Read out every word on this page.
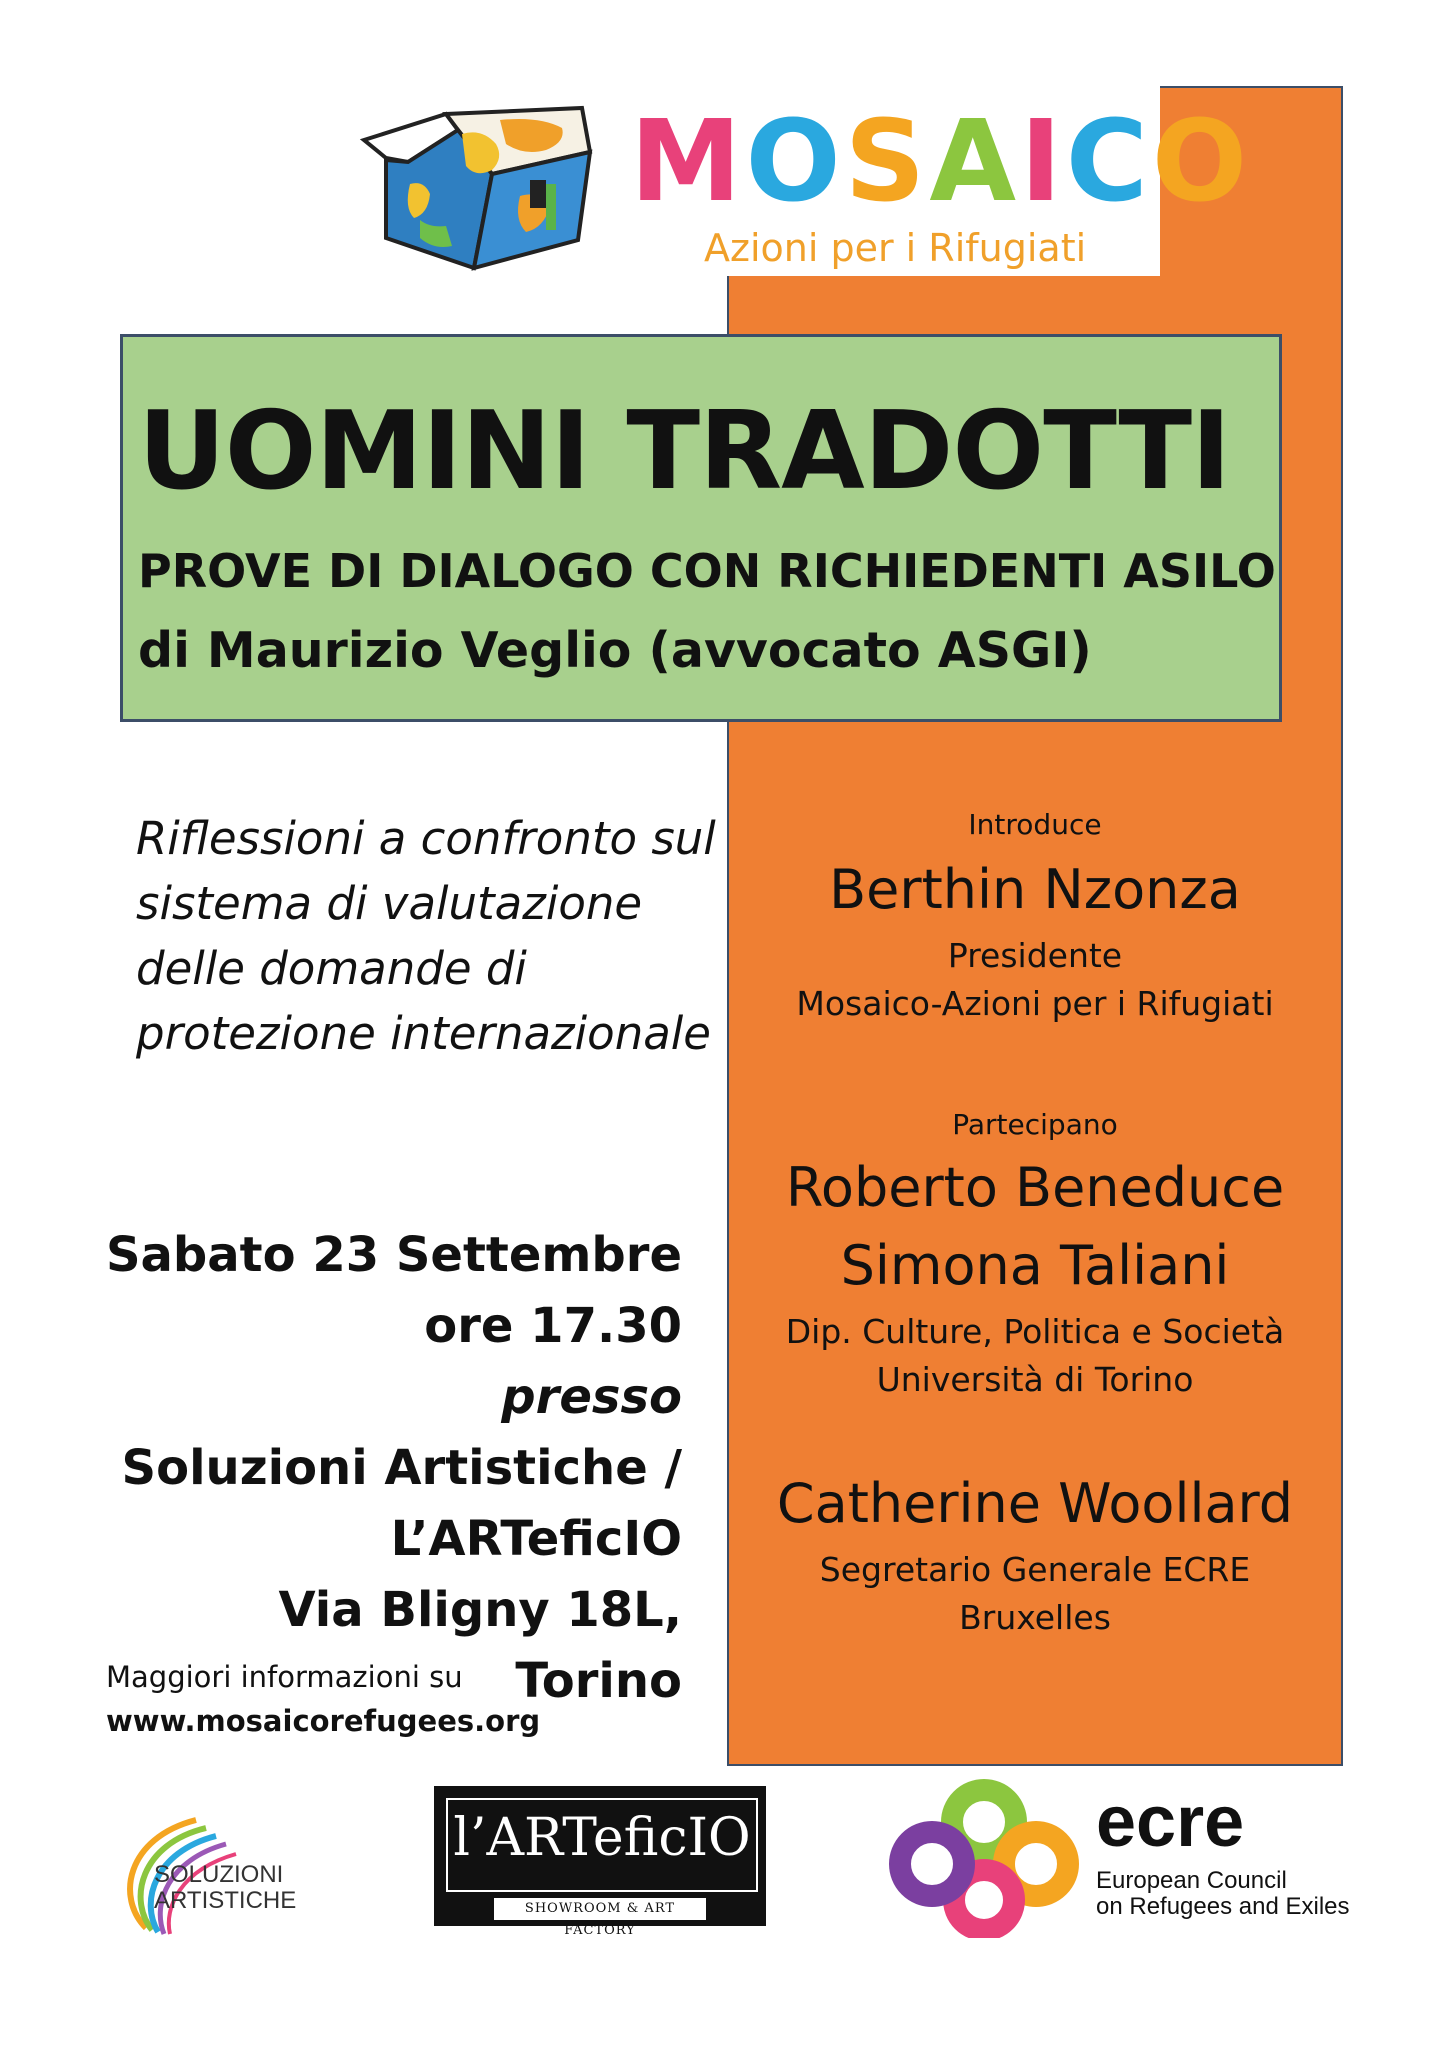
MOSAICO
Azioni per i Rifugiati
UOMINI TRADOTTI
PROVE DI DIALOGO CON RICHIEDENTI ASILO
di Maurizio Veglio (avvocato ASGI)
Riflessioni a confronto sul
sistema di valutazione
delle domande di
protezione internazionale
Sabato 23 Settembre
ore 17.30
presso
Soluzioni Artistiche /
L’ARTeficIO
Via Bligny 18L, Torino
Maggiori informazioni su
www.mosaicorefugees.org
Introduce
Berthin Nzonza
Presidente
Mosaico-Azioni per i Rifugiati
Partecipano
Roberto Beneduce
Simona Taliani
Dip. Culture, Politica e Società
Università di Torino
Catherine Woollard
Segretario Generale ECRE
Bruxelles
SOLUZIONI
ARTISTICHE
l’ARTeficIO
SHOWROOM & ART FACTORY
ecre
European Council
on Refugees and Exiles
